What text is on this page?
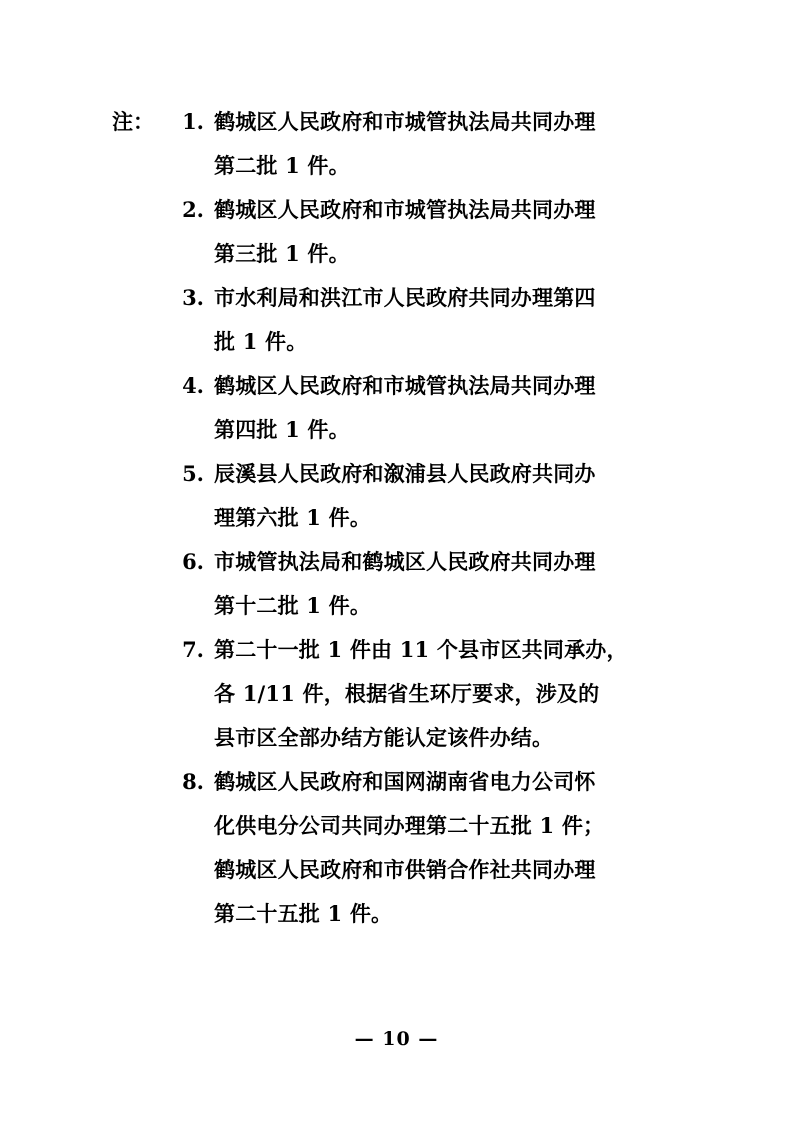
注：	1. 鹤城区人民政府和市城管执法局共同办理
第二批 1 件。
2. 鹤城区人民政府和市城管执法局共同办理
第三批 1 件。
3. 市水利局和洪江市人民政府共同办理第四
批 1 件。
4. 鹤城区人民政府和市城管执法局共同办理
第四批 1 件。
5. 辰溪县人民政府和溆浦县人民政府共同办
理第六批 1 件。
6. 市城管执法局和鹤城区人民政府共同办理
第十二批 1 件。
7. 第二十一批 1 件由 11 个县市区共同承办，
各 1/11 件，根据省生环厅要求，涉及的
县市区全部办结方能认定该件办结。
8. 鹤城区人民政府和国网湖南省电力公司怀
化供电分公司共同办理第二十五批 1 件；
鹤城区人民政府和市供销合作社共同办理
第二十五批 1 件。
— 10 —
